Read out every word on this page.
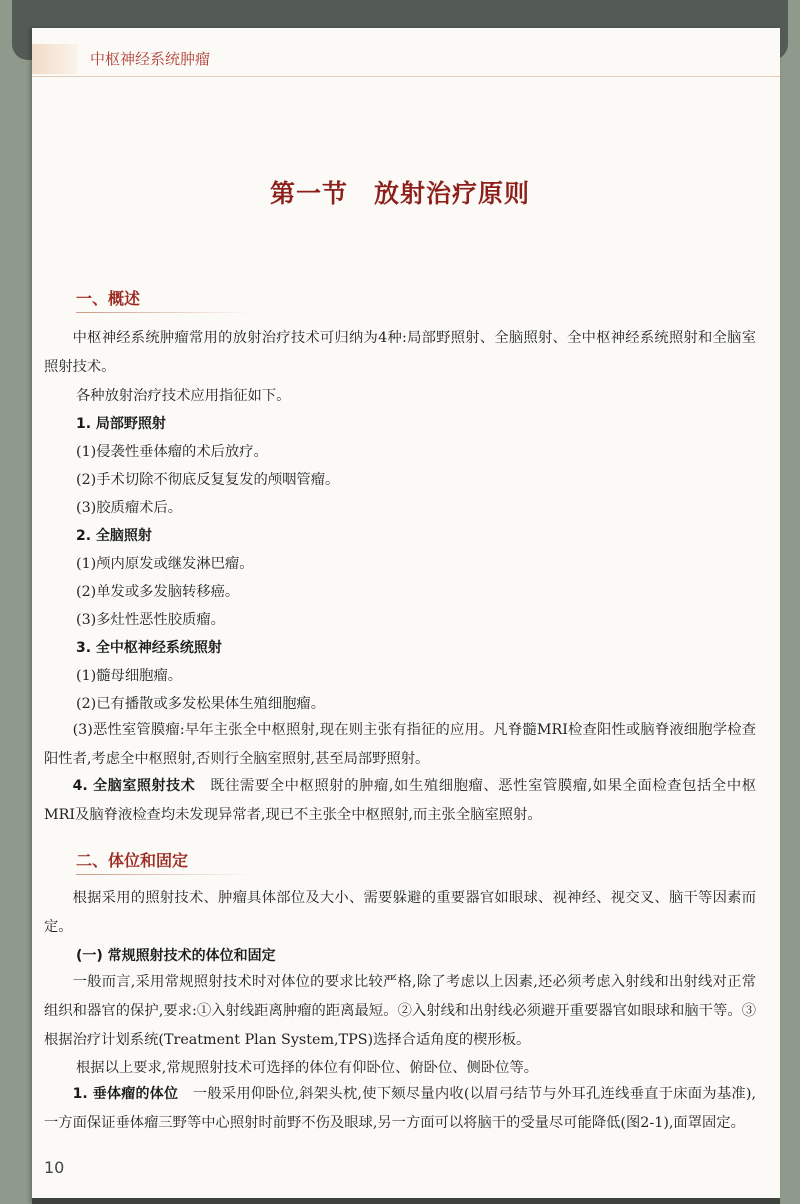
中枢神经系统肿瘤
第一节　放射治疗原则
一、概述
中枢神经系统肿瘤常用的放射治疗技术可归纳为4种:局部野照射、全脑照射、全中枢神经系统照射和全脑室照射技术。
各种放射治疗技术应用指征如下。
1. 局部野照射
(1)侵袭性垂体瘤的术后放疗。
(2)手术切除不彻底反复复发的颅咽管瘤。
(3)胶质瘤术后。
2. 全脑照射
(1)颅内原发或继发淋巴瘤。
(2)单发或多发脑转移癌。
(3)多灶性恶性胶质瘤。
3. 全中枢神经系统照射
(1)髓母细胞瘤。
(2)已有播散或多发松果体生殖细胞瘤。
(3)恶性室管膜瘤:早年主张全中枢照射,现在则主张有指征的应用。凡脊髓MRI检查阳性或脑脊液细胞学检查阳性者,考虑全中枢照射,否则行全脑室照射,甚至局部野照射。
4. 全脑室照射技术　 既往需要全中枢照射的肿瘤,如生殖细胞瘤、恶性室管膜瘤,如果全面检查包括全中枢MRI及脑脊液检查均未发现异常者,现已不主张全中枢照射,而主张全脑室照射。
二、体位和固定
根据采用的照射技术、肿瘤具体部位及大小、需要躲避的重要器官如眼球、视神经、视交叉、脑干等因素而定。
(一) 常规照射技术的体位和固定
一般而言,采用常规照射技术时对体位的要求比较严格,除了考虑以上因素,还必须考虑入射线和出射线对正常组织和器官的保护,要求:①入射线距离肿瘤的距离最短。②入射线和出射线必须避开重要器官如眼球和脑干等。③根据治疗计划系统(Treatment Plan System,TPS)选择合适角度的楔形板。
根据以上要求,常规照射技术可选择的体位有仰卧位、俯卧位、侧卧位等。
1. 垂体瘤的体位　 一般采用仰卧位,斜架头枕,使下颏尽量内收(以眉弓结节与外耳孔连线垂直于床面为基准),一方面保证垂体瘤三野等中心照射时前野不伤及眼球,另一方面可以将脑干的受量尽可能降低(图2-1),面罩固定。
10
